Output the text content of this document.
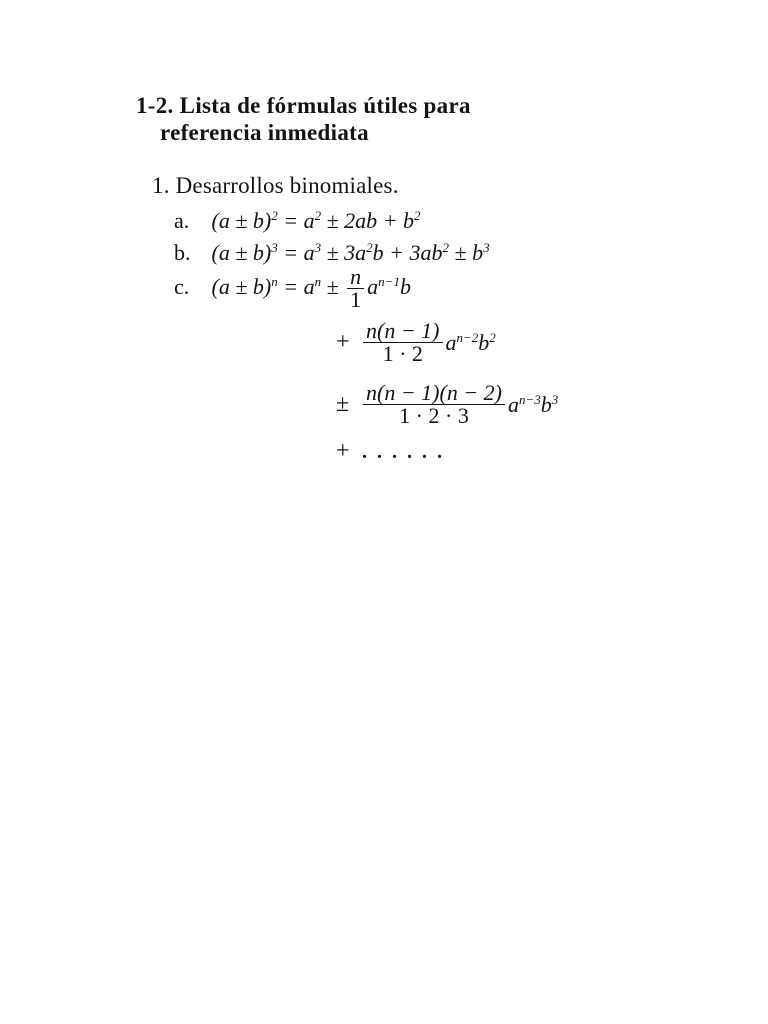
1-2. Lista de fórmulas útiles para
referencia inmediata
1. Desarrollos binomiales.
a. $(a \pm b)^2 = a^2 \pm 2ab + b^2$
b. $(a \pm b)^3 = a^3 \pm 3a^2b + 3ab^2 \pm b^3$
c. $(a \pm b)^n = a^n \pm \frac{n}{1} a^{n-1}b$
+ $\frac{n(n - 1)}{1 \cdot 2} a^{n-2}b^2$
± $\frac{n(n - 1)(n - 2)}{1 \cdot 2 \cdot 3} a^{n-3}b^3$
+ ......
